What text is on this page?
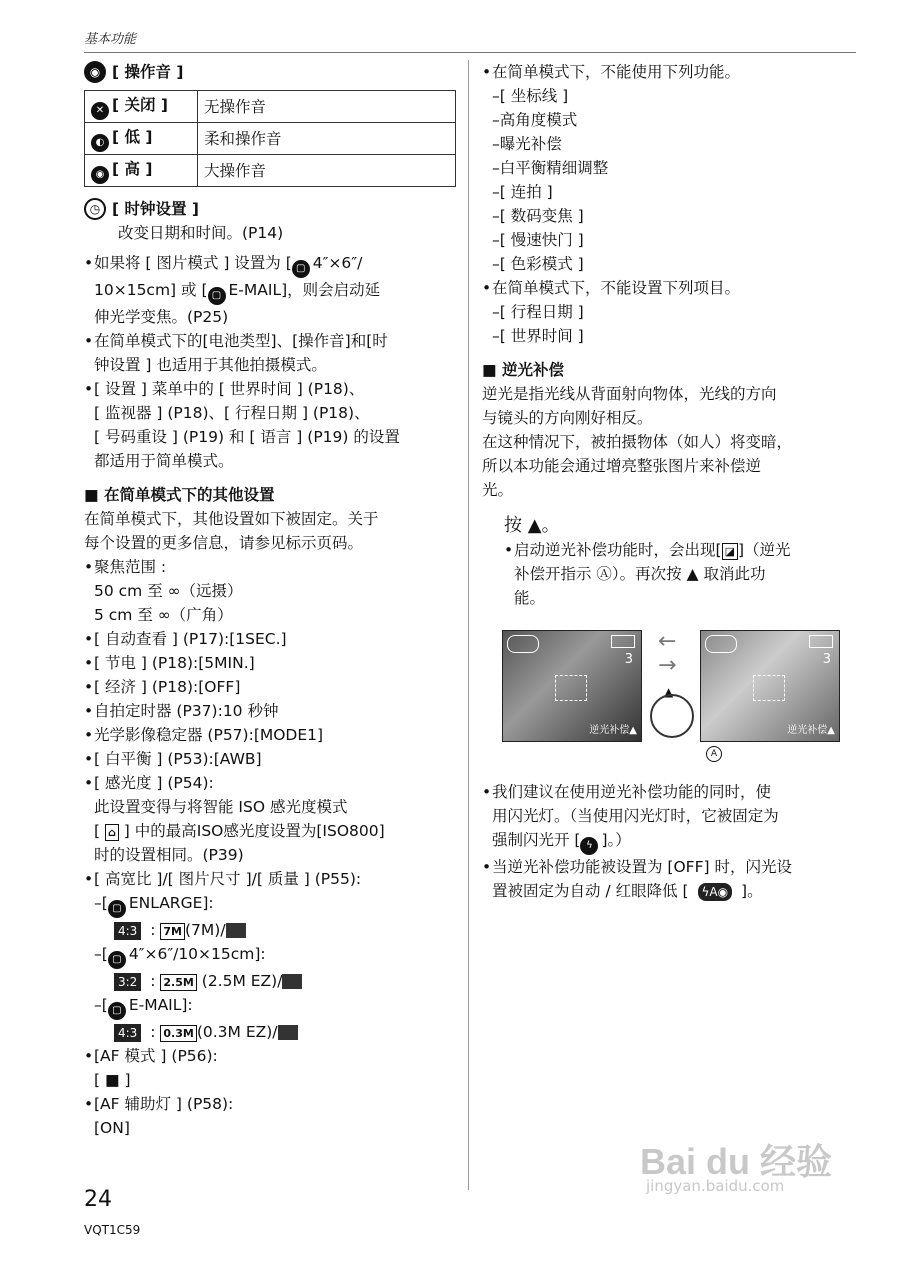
基本功能
◉ [ 操作音 ]
✕ [ 关闭 ]	无操作音
◐ [ 低 ]	柔和操作音
◉ [ 高 ]	大操作音
◷ [ 时钟设置 ]

改变日期和时间。(P14)

• 如果将 [ 图片模式 ] 设置为 [ ▢ 4″×6″/

10×15cm] 或 [ ▢ E-MAIL]，则会启动延

伸光学变焦。(P25)

• 在简单模式下的[电池类型]、[操作音]和[时

钟设置 ] 也适用于其他拍摄模式。

• [ 设置 ] 菜单中的 [ 世界时间 ] (P18)、

[ 监视器 ] (P18)、[ 行程日期 ] (P18)、

[ 号码重设 ] (P19) 和 [ 语言 ] (P19) 的设置

都适用于简单模式。

■ 在简单模式下的其他设置

在简单模式下，其他设置如下被固定。关于

每个设置的更多信息，请参见标示页码。

• 聚焦范围 :

50 cm 至 ∞（远摄）

5 cm 至 ∞（广角）

• [ 自动查看 ] (P17):[1SEC.]

• [ 节电 ] (P18):[5MIN.]

• [ 经济 ] (P18):[OFF]

• 自拍定时器 (P37):10 秒钟

• 光学影像稳定器 (P57):[MODE1]

• [ 白平衡 ] (P53):[AWB]

• [ 感光度 ] (P54):

此设置变得与将智能 ISO 感光度模式

[ ⌂ ] 中的最高ISO感光度设置为[ISO800]

时的设置相同。(P39)

• [ 高宽比 ]/[ 图片尺寸 ]/[ 质量 ] (P55):

–[ ▢ ENLARGE]:

4:3 : 7M (7M)/

–[ ▢ 4″×6″/10×15cm]:

3:2 : 2.5M (2.5M EZ)/

–[ ▢ E-MAIL]:

4:3 : 0.3M (0.3M EZ)/

• [AF 模式 ] (P56):

[ ■ ]

• [AF 辅助灯 ] (P58):

[ON]

• 在简单模式下，不能使用下列功能。

–[ 坐标线 ]

–高角度模式

–曝光补偿

–白平衡精细调整

–[ 连拍 ]

–[ 数码变焦 ]

–[ 慢速快门 ]

–[ 色彩模式 ]

• 在简单模式下，不能设置下列项目。

–[ 行程日期 ]

–[ 世界时间 ]

■ 逆光补偿

逆光是指光线从背面射向物体，光线的方向

与镜头的方向刚好相反。

在这种情况下，被拍摄物体（如人）将变暗，

所以本功能会通过增亮整张图片来补偿逆

光。

按 ▲。

• 启动逆光补偿功能时，会出现[ ◪ ]（逆光

补偿开指示 Ⓐ）。再次按 ▲ 取消此功

能。

3
逆光补偿▲
←
→
▲
3
逆光补偿▲
A

• 我们建议在使用逆光补偿功能的同时，使

用闪光灯。（当使用闪光灯时，它被固定为

强制闪光开 [ ϟ ]。）

• 当逆光补偿功能被设置为 [OFF] 时，闪光设

置被固定为自动 / 红眼降低 [ ϟA◉ ]。

24
VQT1C59
Bai du 经验
jingyan.baidu.com
